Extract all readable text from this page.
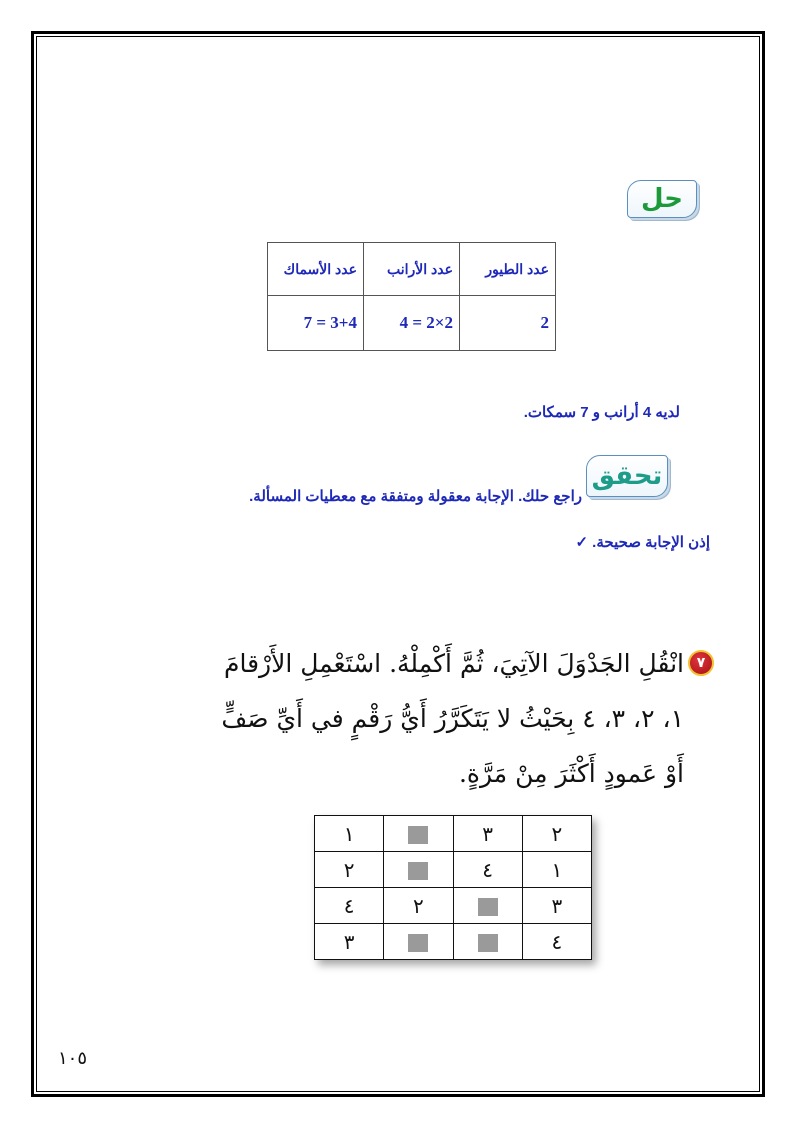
حل
عدد الطيور	عدد الأرانب	عدد الأسماك
2	4 = 2×2	7 = 3+4
لديه 4 أرانب و 7 سمكات.
تحقق
راجع حلك. الإجابة معقولة ومتفقة مع معطيات المسألة.
إذن الإجابة صحيحة. ✓
٧
انْقُلِ الجَدْوَلَ الآتِيَ، ثُمَّ أَكْمِلْهُ. اسْتَعْمِلِ الأَرْقامَ ١، ٢، ٣، ٤ بِحَيْثُ لا يَتَكَرَّرُ أَيُّ رَقْمٍ في أَيِّ صَفٍّ أَوْ عَمودٍ أَكْثَرَ مِنْ مَرَّةٍ.
٢	٣		١
١	٤		٢
٣		٢	٤
٤			٣
١٠٥
